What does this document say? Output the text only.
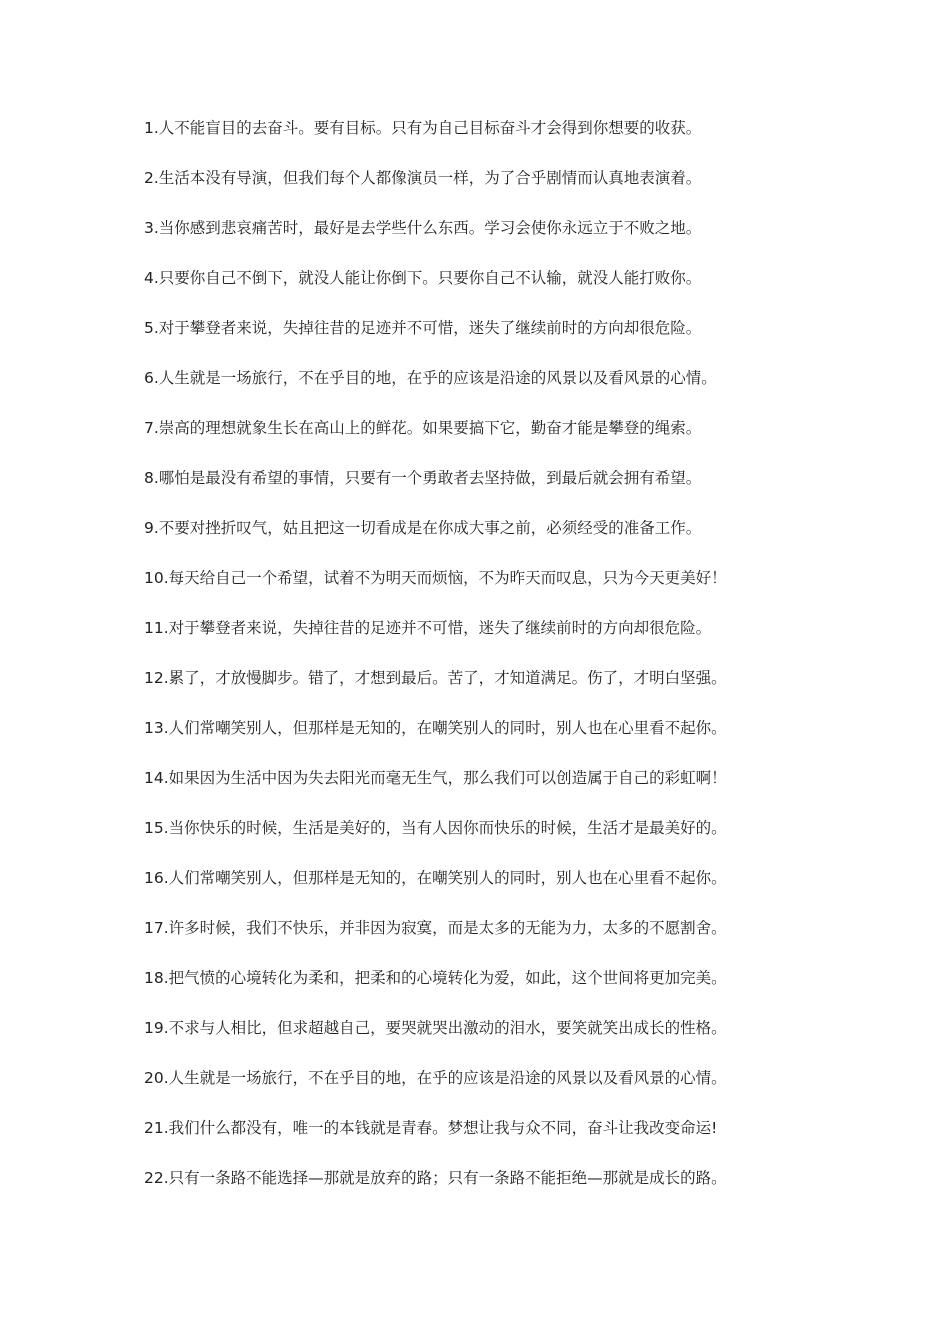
1.人不能盲目的去奋斗。要有目标。只有为自己目标奋斗才会得到你想要的收获。
2.生活本没有导演，但我们每个人都像演员一样，为了合乎剧情而认真地表演着。
3.当你感到悲哀痛苦时，最好是去学些什么东西。学习会使你永远立于不败之地。
4.只要你自己不倒下，就没人能让你倒下。只要你自己不认输，就没人能打败你。
5.对于攀登者来说，失掉往昔的足迹并不可惜，迷失了继续前时的方向却很危险。
6.人生就是一场旅行，不在乎目的地，在乎的应该是沿途的风景以及看风景的心情。
7.崇高的理想就象生长在高山上的鲜花。如果要搞下它，勤奋才能是攀登的绳索。
8.哪怕是最没有希望的事情，只要有一个勇敢者去坚持做，到最后就会拥有希望。
9.不要对挫折叹气，姑且把这一切看成是在你成大事之前，必须经受的准备工作。
10.每天给自己一个希望，试着不为明天而烦恼，不为昨天而叹息，只为今天更美好！
11.对于攀登者来说，失掉往昔的足迹并不可惜，迷失了继续前时的方向却很危险。
12.累了，才放慢脚步。错了，才想到最后。苦了，才知道满足。伤了，才明白坚强。
13.人们常嘲笑别人，但那样是无知的，在嘲笑别人的同时，别人也在心里看不起你。
14.如果因为生活中因为失去阳光而毫无生气，那么我们可以创造属于自己的彩虹啊！
15.当你快乐的时候，生活是美好的，当有人因你而快乐的时候，生活才是最美好的。
16.人们常嘲笑别人，但那样是无知的，在嘲笑别人的同时，别人也在心里看不起你。
17.许多时候，我们不快乐，并非因为寂寞，而是太多的无能为力，太多的不愿割舍。
18.把气愤的心境转化为柔和，把柔和的心境转化为爱，如此，这个世间将更加完美。
19.不求与人相比，但求超越自己，要哭就哭出激动的泪水，要笑就笑出成长的性格。
20.人生就是一场旅行，不在乎目的地，在乎的应该是沿途的风景以及看风景的心情。
21.我们什么都没有，唯一的本钱就是青春。梦想让我与众不同，奋斗让我改变命运!
22.只有一条路不能选择—那就是放弃的路；只有一条路不能拒绝—那就是成长的路。
